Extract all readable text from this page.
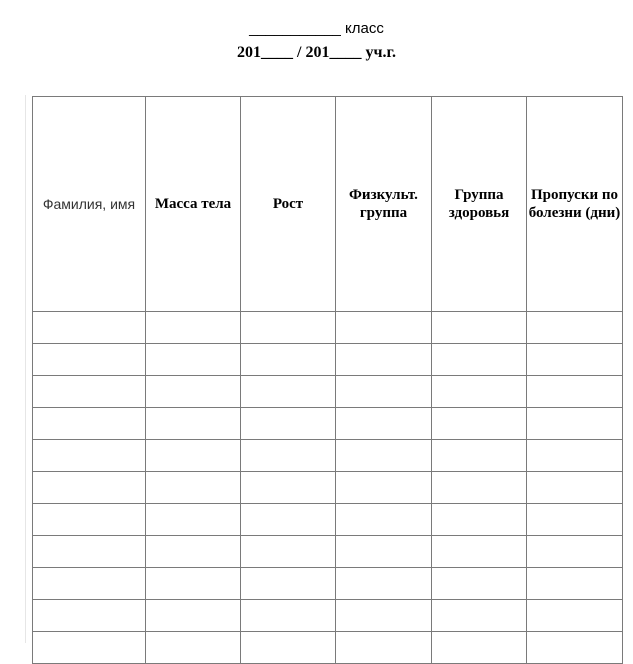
___________ класс
201____ / 201____ уч.г.
Фамилия, имя	Масса тела	Рост	Физкульт. группа	Группа здоровья	Пропуски по болезни (дни)
